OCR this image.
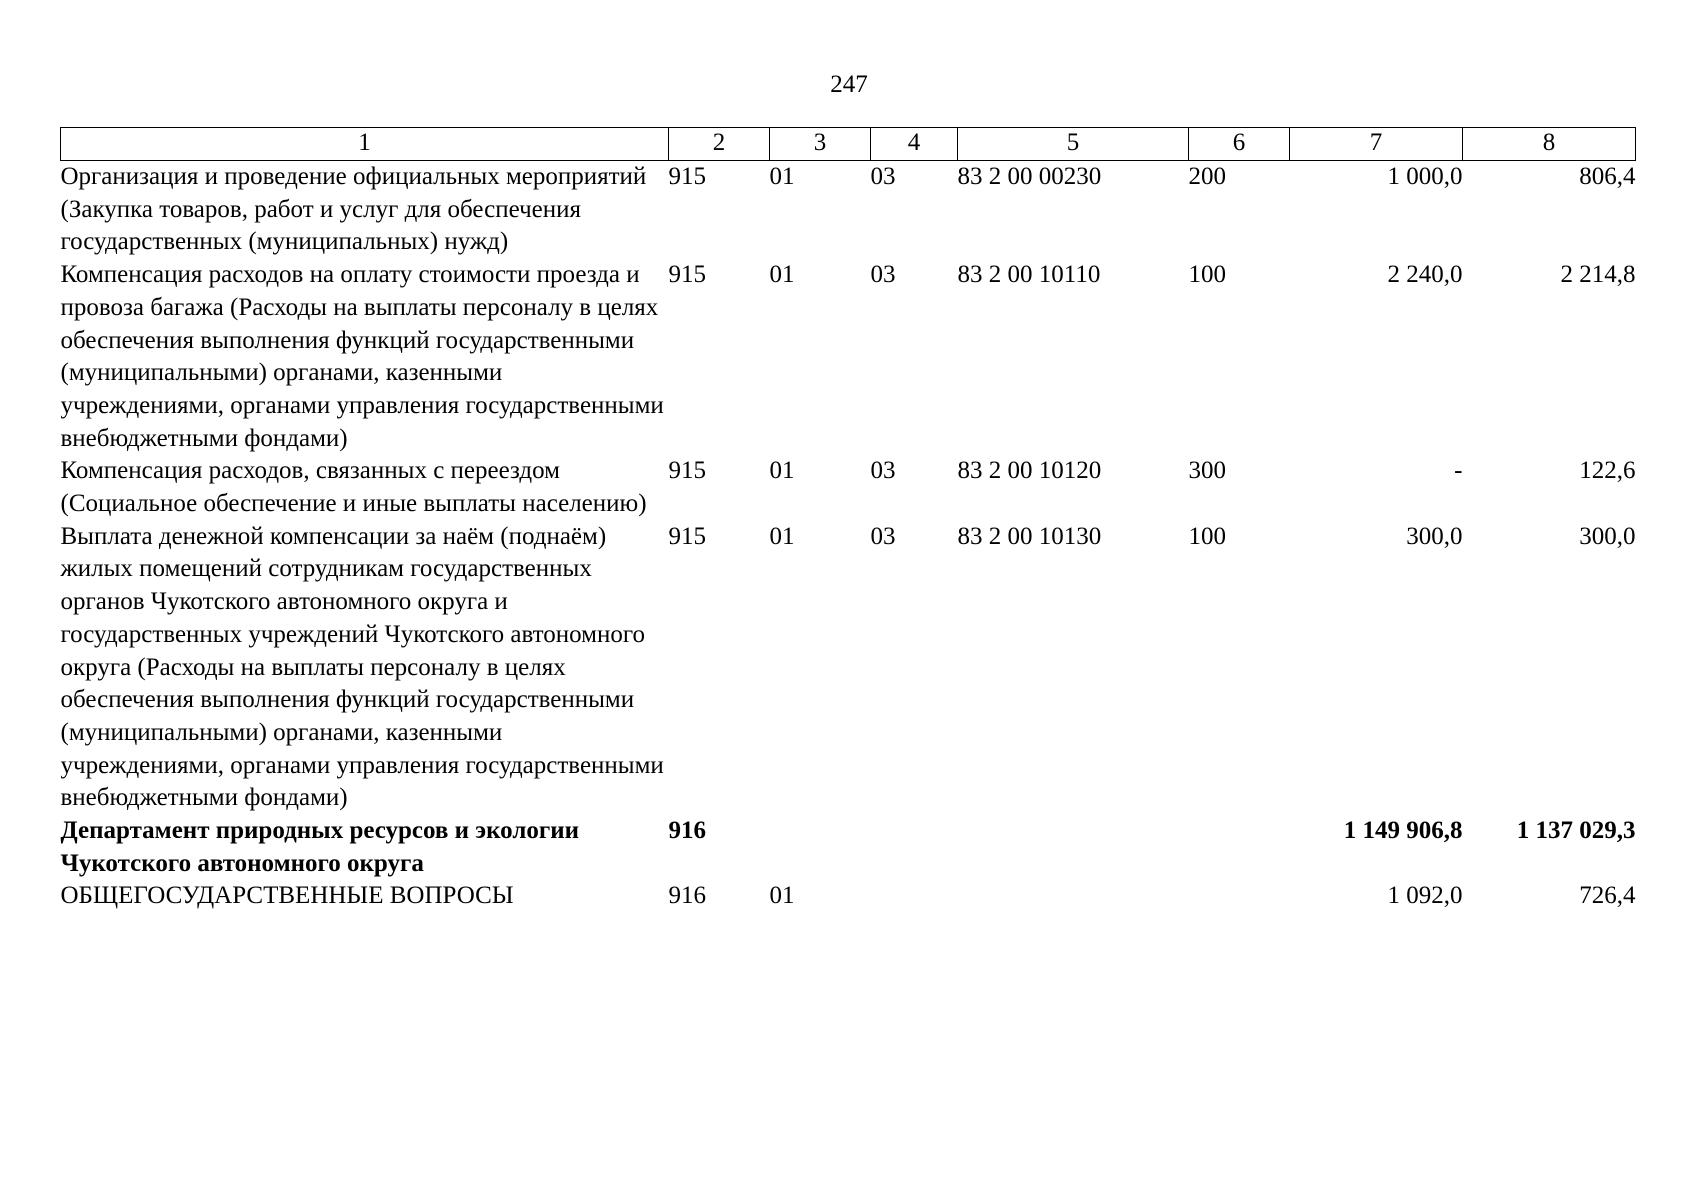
247
1	2	3	4	5	6	7	8
Организация и проведение официальных мероприятий (Закупка товаров, работ и услуг для обеспечения государственных (муниципальных) нужд)	915	01	03	83 2 00 00230	200	1 000,0	806,4
Компенсация расходов на оплату стоимости проезда и провоза багажа (Расходы на выплаты персоналу в целях обеспечения выполнения функций государственными (муниципальными) органами, казенными учреждениями, органами управления государственными внебюджетными фондами)	915	01	03	83 2 00 10110	100	2 240,0	2 214,8
Компенсация расходов, связанных с переездом (Социальное обеспечение и иные выплаты населению)	915	01	03	83 2 00 10120	300	-	122,6
Выплата денежной компенсации за наём (поднаём) жилых помещений сотрудникам государственных органов Чукотского автономного округа и государственных учреждений Чукотского автономного округа (Расходы на выплаты персоналу в целях обеспечения выполнения функций государственными (муниципальными) органами, казенными учреждениями, органами управления государственными внебюджетными фондами)	915	01	03	83 2 00 10130	100	300,0	300,0
Департамент природных ресурсов и экологии Чукотского автономного округа	916					1 149 906,8	1 137 029,3
ОБЩЕГОСУДАРСТВЕННЫЕ ВОПРОСЫ	916	01				1 092,0	726,4
